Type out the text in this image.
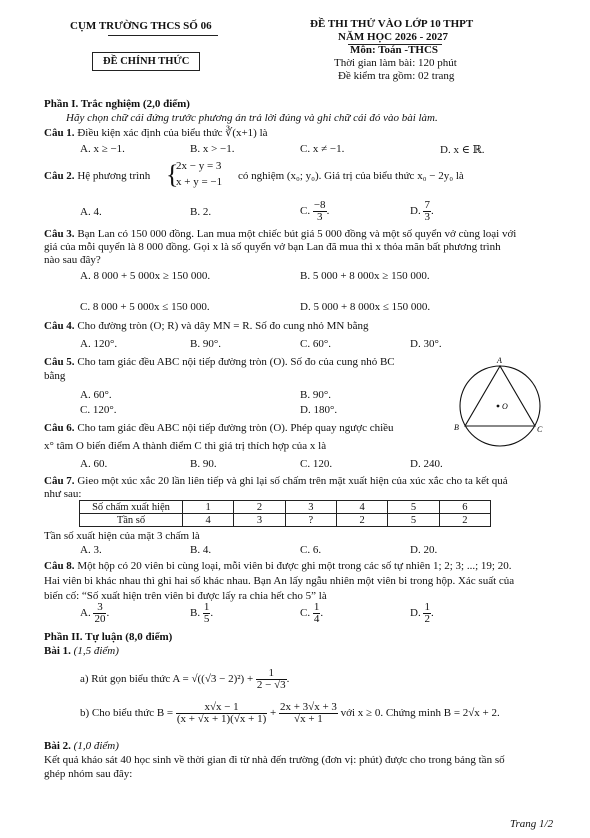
CỤM TRƯỜNG THCS SỐ 06
ĐỀ CHÍNH THỨC
ĐỀ THI THỬ VÀO LỚP 10 THPT
NĂM HỌC 2026 - 2027
Môn: Toán -THCS
Thời gian làm bài: 120 phút
Đề kiểm tra gồm: 02 trang
Phần I. Trắc nghiệm (2,0 điểm)
Hãy chọn chữ cái đứng trước phương án trả lời đúng và ghi chữ cái đó vào bài làm.
Câu 1. Điều kiện xác định của biểu thức ∛(x+1) là
A. x ≥ −1.	B. x > −1.	C. x ≠ −1.	D. x ∈ ℝ.
Câu 2. Hệ phương trình {
2x − y = 3
x + y = −1 có nghiệm (x₀; y₀). Giá trị của biểu thức x₀ − 2y₀ là
A. 4.	B. 2.	C. $\frac{-8}{3}$ .	D. $\frac{7}{3}$ .
Câu 3. Bạn Lan có 150 000 đồng. Lan mua một chiếc bút giá 5 000 đồng và một số quyển vở cùng loại với
giá của mỗi quyển là 8 000 đồng. Gọi x là số quyển vở bạn Lan đã mua thì x thỏa mãn bất phương trình
nào sau đây?
A. 8 000 + 5 000x ≥ 150 000.	B. 5 000 + 8 000x ≥ 150 000.
C. 8 000 + 5 000x ≤ 150 000.	D. 5 000 + 8 000x ≤ 150 000.
Câu 4. Cho đường tròn (O; R) và dây MN = R. Số đo cung nhỏ MN bằng
A. 120°.	B. 90°.	C. 60°.	D. 30°.
Câu 5. Cho tam giác đều ABC nội tiếp đường tròn (O). Số đo của cung nhỏ BC
bằng
A. 60°.	B. 90°.
C. 120°.	D. 180°.
A
B	C
O
Câu 6. Cho tam giác đều ABC nội tiếp đường tròn (O). Phép quay ngược chiều
x° tâm O biến điểm A thành điểm C thì giá trị thích hợp của x là
A. 60.	B. 90.	C. 120.	D. 240.
Câu 7. Gieo một xúc xắc 20 lần liên tiếp và ghi lại số chấm trên mặt xuất hiện của xúc xắc cho ta kết quả
như sau:
Số chấm xuất hiện	1	2	3	4	5	6
Tần số	4	3	?	2	5	2
Tần số xuất hiện của mặt 3 chấm là
A. 3.	B. 4.	C. 6.	D. 20.
Câu 8. Một hộp có 20 viên bi cùng loại, mỗi viên bi được ghi một trong các số tự nhiên 1; 2; 3; ...; 19; 20.
Hai viên bi khác nhau thì ghi hai số khác nhau. Bạn An lấy ngẫu nhiên một viên bi trong hộp. Xác suất của
biến cố: “Số xuất hiện trên viên bi được lấy ra chia hết cho 5” là
A. $\frac{3}{20}$ .	B. $\frac{1}{5}$ .	C. $\frac{1}{4}$ .	D. $\frac{1}{2}$ .
Phần II. Tự luận (8,0 điểm)
Bài 1. (1,5 điểm)
a) Rút gọn biểu thức $A = √((√3 - 2)^2) + \frac{1}{2 - √3}$ .
b) Cho biểu thức $B = \frac{x√x - 1}{(x + √x + 1)(√x + 1)} + \frac{2x + 3√x + 3}{√x + 1}$ với x ≥ 0. Chứng minh B = 2√x + 2.
Bài 2. (1,0 điểm)
Kết quả khảo sát 40 học sinh về thời gian đi từ nhà đến trường (đơn vị: phút) được cho trong bảng tần số
ghép nhóm sau đây:
Trang 1/2
